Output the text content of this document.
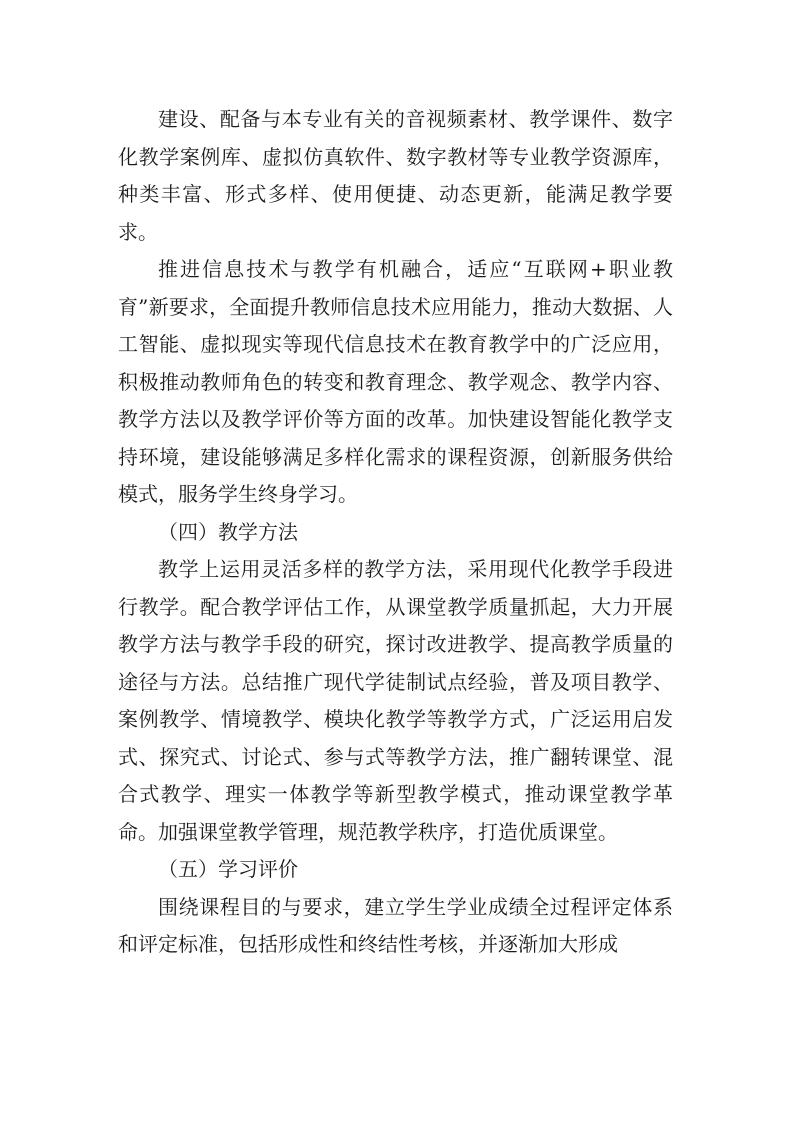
建设、配备与本专业有关的音视频素材、教学课件、数字化教学案例库、虚拟仿真软件、数字教材等专业教学资源库，种类丰富、形式多样、使用便捷、动态更新，能满足教学要求。

推进信息技术与教学有机融合，适应“互联网+职业教育”新要求，全面提升教师信息技术应用能力，推动大数据、人工智能、虚拟现实等现代信息技术在教育教学中的广泛应用，积极推动教师角色的转变和教育理念、教学观念、教学内容、教学方法以及教学评价等方面的改革。加快建设智能化教学支持环境，建设能够满足多样化需求的课程资源，创新服务供给模式，服务学生终身学习。

（四）教学方法

教学上运用灵活多样的教学方法，采用现代化教学手段进行教学。配合教学评估工作，从课堂教学质量抓起，大力开展教学方法与教学手段的研究，探讨改进教学、提高教学质量的途径与方法。总结推广现代学徒制试点经验，普及项目教学、案例教学、情境教学、模块化教学等教学方式，广泛运用启发式、探究式、讨论式、参与式等教学方法，推广翻转课堂、混合式教学、理实一体教学等新型教学模式，推动课堂教学革命。加强课堂教学管理，规范教学秩序，打造优质课堂。

（五）学习评价

围绕课程目的与要求，建立学生学业成绩全过程评定体系和评定标准，包括形成性和终结性考核，并逐渐加大形成
